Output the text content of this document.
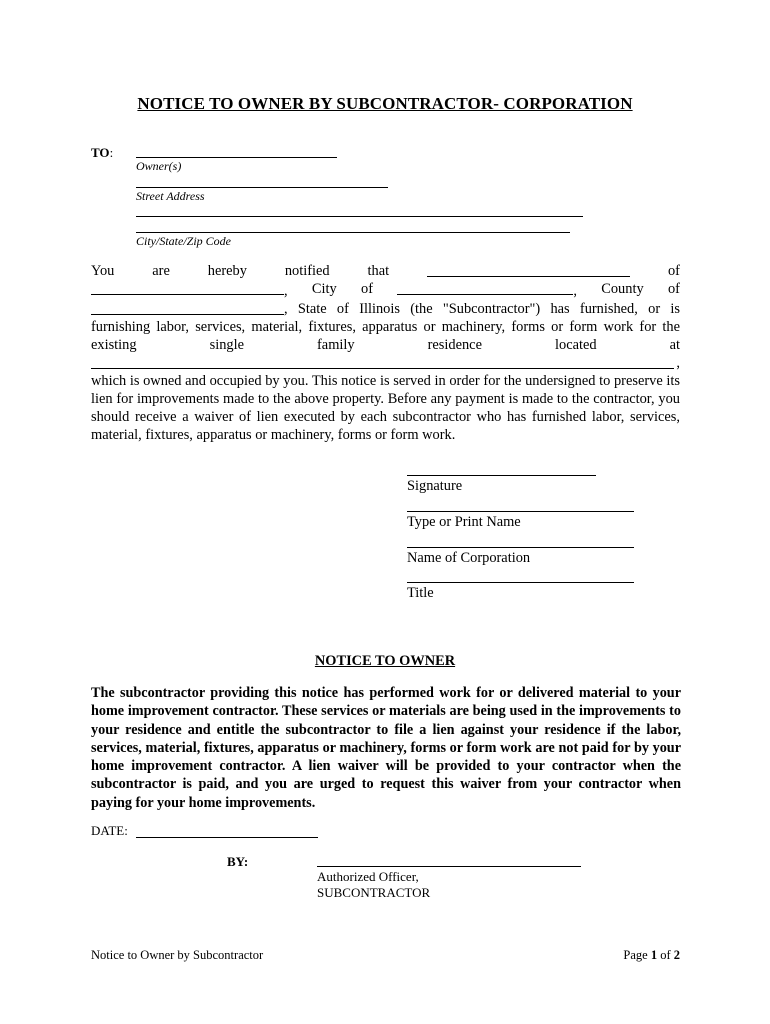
NOTICE TO OWNER BY SUBCONTRACTOR- CORPORATION
TO:
Owner(s)
Street Address
City/State/Zip Code
You	are	hereby	notified	that	of
, City of	, County of
, State of Illinois (the "Subcontractor") has furnished, or is
furnishing labor, services, material, fixtures, apparatus or machinery, forms or form work for the
existing	single	family	residence	located	at
,
which is owned and occupied by you. This notice is served in order for the undersigned to preserve its lien for improvements made to the above property. Before any payment is made to the contractor, you should receive a waiver of lien executed by each subcontractor who has furnished labor, services, material, fixtures, apparatus or machinery, forms or form work.
Signature
Type or Print Name
Name of Corporation
Title
NOTICE TO OWNER
The subcontractor providing this notice has performed work for or delivered material to your home improvement contractor. These services or materials are being used in the improvements to your residence and entitle the subcontractor to file a lien against your residence if the labor, services, material, fixtures, apparatus or machinery, forms or form work are not paid for by your home improvement contractor. A lien waiver will be provided to your contractor when the subcontractor is paid, and you are urged to request this waiver from your contractor when paying for your home improvements.
DATE:
BY:
Authorized Officer,
SUBCONTRACTOR
Notice to Owner by Subcontractor	Page 1 of 2
